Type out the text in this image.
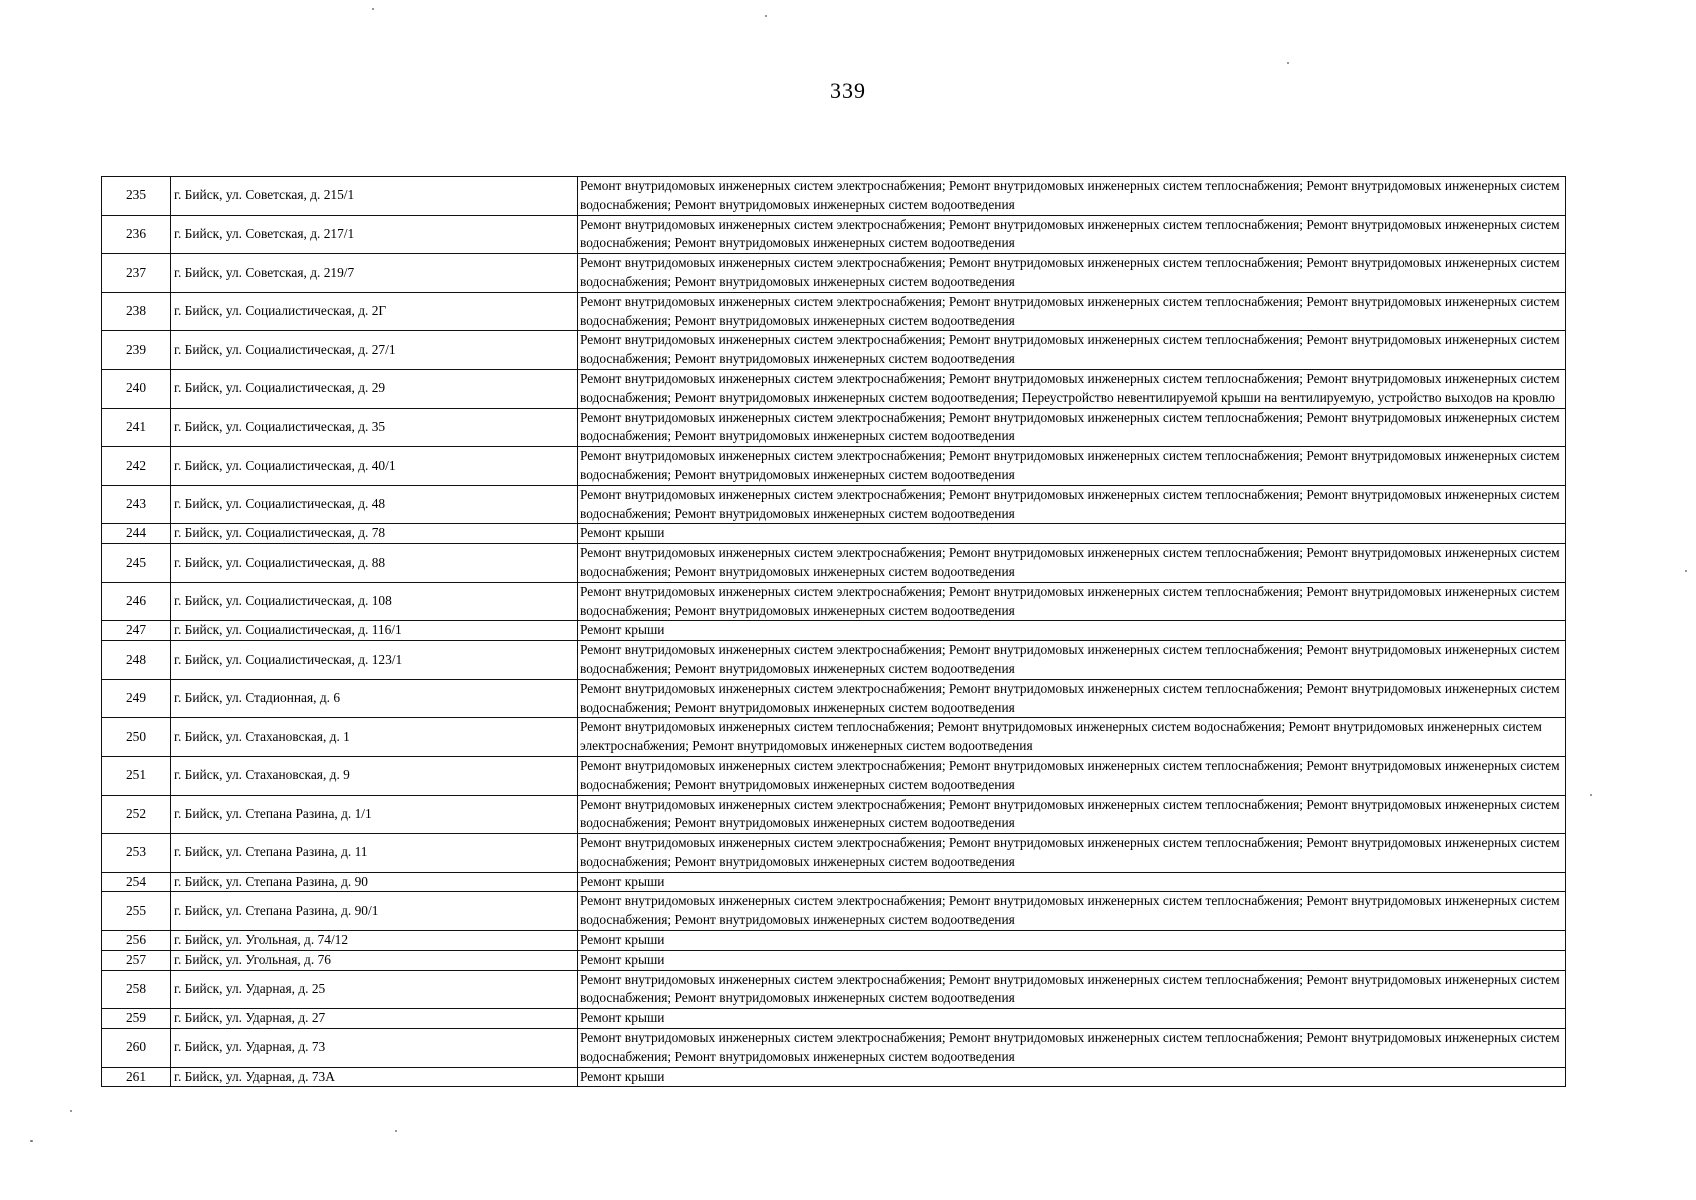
339
235	г. Бийск, ул. Советская, д. 215/1	Ремонт внутридомовых инженерных систем электроснабжения; Ремонт внутридомовых инженерных систем теплоснабжения; Ремонт внутридомовых инженерных систем водоснабжения; Ремонт внутридомовых инженерных систем водоотведения
236	г. Бийск, ул. Советская, д. 217/1	Ремонт внутридомовых инженерных систем электроснабжения; Ремонт внутридомовых инженерных систем теплоснабжения; Ремонт внутридомовых инженерных систем водоснабжения; Ремонт внутридомовых инженерных систем водоотведения
237	г. Бийск, ул. Советская, д. 219/7	Ремонт внутридомовых инженерных систем электроснабжения; Ремонт внутридомовых инженерных систем теплоснабжения; Ремонт внутридомовых инженерных систем водоснабжения; Ремонт внутридомовых инженерных систем водоотведения
238	г. Бийск, ул. Социалистическая, д. 2Г	Ремонт внутридомовых инженерных систем электроснабжения; Ремонт внутридомовых инженерных систем теплоснабжения; Ремонт внутридомовых инженерных систем водоснабжения; Ремонт внутридомовых инженерных систем водоотведения
239	г. Бийск, ул. Социалистическая, д. 27/1	Ремонт внутридомовых инженерных систем электроснабжения; Ремонт внутридомовых инженерных систем теплоснабжения; Ремонт внутридомовых инженерных систем водоснабжения; Ремонт внутридомовых инженерных систем водоотведения
240	г. Бийск, ул. Социалистическая, д. 29	Ремонт внутридомовых инженерных систем электроснабжения; Ремонт внутридомовых инженерных систем теплоснабжения; Ремонт внутридомовых инженерных систем водоснабжения; Ремонт внутридомовых инженерных систем водоотведения; Переустройство невентилируемой крыши на вентилируемую, устройство выходов на кровлю
241	г. Бийск, ул. Социалистическая, д. 35	Ремонт внутридомовых инженерных систем электроснабжения; Ремонт внутридомовых инженерных систем теплоснабжения; Ремонт внутридомовых инженерных систем водоснабжения; Ремонт внутридомовых инженерных систем водоотведения
242	г. Бийск, ул. Социалистическая, д. 40/1	Ремонт внутридомовых инженерных систем электроснабжения; Ремонт внутридомовых инженерных систем теплоснабжения; Ремонт внутридомовых инженерных систем водоснабжения; Ремонт внутридомовых инженерных систем водоотведения
243	г. Бийск, ул. Социалистическая, д. 48	Ремонт внутридомовых инженерных систем электроснабжения; Ремонт внутридомовых инженерных систем теплоснабжения; Ремонт внутридомовых инженерных систем водоснабжения; Ремонт внутридомовых инженерных систем водоотведения
244	г. Бийск, ул. Социалистическая, д. 78	Ремонт крыши
245	г. Бийск, ул. Социалистическая, д. 88	Ремонт внутридомовых инженерных систем электроснабжения; Ремонт внутридомовых инженерных систем теплоснабжения; Ремонт внутридомовых инженерных систем водоснабжения; Ремонт внутридомовых инженерных систем водоотведения
246	г. Бийск, ул. Социалистическая, д. 108	Ремонт внутридомовых инженерных систем электроснабжения; Ремонт внутридомовых инженерных систем теплоснабжения; Ремонт внутридомовых инженерных систем водоснабжения; Ремонт внутридомовых инженерных систем водоотведения
247	г. Бийск, ул. Социалистическая, д. 116/1	Ремонт крыши
248	г. Бийск, ул. Социалистическая, д. 123/1	Ремонт внутридомовых инженерных систем электроснабжения; Ремонт внутридомовых инженерных систем теплоснабжения; Ремонт внутридомовых инженерных систем водоснабжения; Ремонт внутридомовых инженерных систем водоотведения
249	г. Бийск, ул. Стадионная, д. 6	Ремонт внутридомовых инженерных систем электроснабжения; Ремонт внутридомовых инженерных систем теплоснабжения; Ремонт внутридомовых инженерных систем водоснабжения; Ремонт внутридомовых инженерных систем водоотведения
250	г. Бийск, ул. Стахановская, д. 1	Ремонт внутридомовых инженерных систем теплоснабжения; Ремонт внутридомовых инженерных систем водоснабжения; Ремонт внутридомовых инженерных систем электроснабжения; Ремонт внутридомовых инженерных систем водоотведения
251	г. Бийск, ул. Стахановская, д. 9	Ремонт внутридомовых инженерных систем электроснабжения; Ремонт внутридомовых инженерных систем теплоснабжения; Ремонт внутридомовых инженерных систем водоснабжения; Ремонт внутридомовых инженерных систем водоотведения
252	г. Бийск, ул. Степана Разина, д. 1/1	Ремонт внутридомовых инженерных систем электроснабжения; Ремонт внутридомовых инженерных систем теплоснабжения; Ремонт внутридомовых инженерных систем водоснабжения; Ремонт внутридомовых инженерных систем водоотведения
253	г. Бийск, ул. Степана Разина, д. 11	Ремонт внутридомовых инженерных систем электроснабжения; Ремонт внутридомовых инженерных систем теплоснабжения; Ремонт внутридомовых инженерных систем водоснабжения; Ремонт внутридомовых инженерных систем водоотведения
254	г. Бийск, ул. Степана Разина, д. 90	Ремонт крыши
255	г. Бийск, ул. Степана Разина, д. 90/1	Ремонт внутридомовых инженерных систем электроснабжения; Ремонт внутридомовых инженерных систем теплоснабжения; Ремонт внутридомовых инженерных систем водоснабжения; Ремонт внутридомовых инженерных систем водоотведения
256	г. Бийск, ул. Угольная, д. 74/12	Ремонт крыши
257	г. Бийск, ул. Угольная, д. 76	Ремонт крыши
258	г. Бийск, ул. Ударная, д. 25	Ремонт внутридомовых инженерных систем электроснабжения; Ремонт внутридомовых инженерных систем теплоснабжения; Ремонт внутридомовых инженерных систем водоснабжения; Ремонт внутридомовых инженерных систем водоотведения
259	г. Бийск, ул. Ударная, д. 27	Ремонт крыши
260	г. Бийск, ул. Ударная, д. 73	Ремонт внутридомовых инженерных систем электроснабжения; Ремонт внутридомовых инженерных систем теплоснабжения; Ремонт внутридомовых инженерных систем водоснабжения; Ремонт внутридомовых инженерных систем водоотведения
261	г. Бийск, ул. Ударная, д. 73А	Ремонт крыши
